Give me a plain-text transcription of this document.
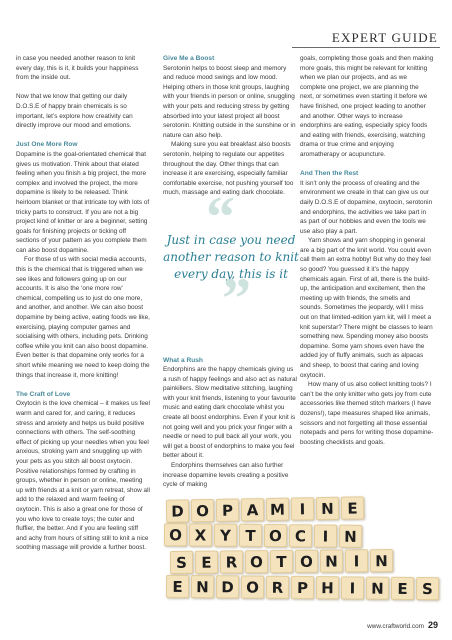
EXPERT GUIDE

in case you needed another reason to knit every day, this is it, it builds your happiness from the inside out.

Now that we know that getting our daily D.O.S.E of happy brain chemicals is so important, let’s explore how creativity can directly improve our mood and emotions.

Just One More Row

Dopamine is the goal-orientated chemical that gives us motivation. Think about that elated feeling when you finish a big project, the more complex and involved the project, the more dopamine is likely to be released. Think heirloom blanket or that intricate toy with lots of tricky parts to construct. If you are not a big project kind of knitter or are a beginner, setting goals for finishing projects or ticking off sections of your pattern as you complete them can also boost dopamine.

For those of us with social media accounts, this is the chemical that is triggered when we see likes and followers going up on our accounts. It is also the ‘one more row’ chemical, compelling us to just do one more, and another, and another. We can also boost dopamine by being active, eating foods we like, exercising, playing computer games and socialising with others, including pets. Drinking coffee while you knit can also boost dopamine. Even better is that dopamine only works for a short while meaning we need to keep doing the things that increase it, more knitting!

The Craft of Love

Oxytocin is the love chemical – it makes us feel warm and cared for, and caring, it reduces stress and anxiety and helps us build positive connections with others. The self-soothing effect of picking up your needles when you feel anxious, stroking yarn and snuggling up with your pets as you stitch all boost oxytocin. Positive relationships formed by crafting in groups, whether in person or online, meeting up with friends at a knit or yarn retreat, show all add to the relaxed and warm feeling of oxytocin. This is also a great one for those of you who love to create toys; the cuter and fluffier, the better. And if you are feeling stiff and achy from hours of sitting still to knit a nice soothing massage will provide a further boost.

Give Me a Boost

Serotonin helps to boost sleep and memory and reduce mood swings and low mood. Helping others in those knit groups, laughing with your friends in person or online, snuggling with your pets and reducing stress by getting absorbed into your latest project all boost serotonin. Knitting outside in the sunshine or in nature can also help.

Making sure you eat breakfast also boosts serotonin, helping to regulate our appetites throughout the day. Other things that can increase it are exercising, especially familiar comfortable exercise, not pushing yourself too much, massage and eating dark chocolate.

What a Rush

Endorphins are the happy chemicals giving us a rush of happy feelings and also act as natural painkillers. Slow meditative stitching, laughing with your knit friends, listening to your favourite music and eating dark chocolate whilst you create all boost endorphins. Even if your knit is not going well and you prick your finger with a needle or need to pull back all your work, you will get a boost of endorphins to make you feel better about it.

Endorphins themselves can also further increase dopamine levels creating a positive cycle of making

“
Just in case you need another reason to knit every day, this is it
”

goals, completing those goals and then making more goals, this might be relevant for knitting when we plan our projects, and as we complete one project, we are planning the next, or sometimes even starting it before we have finished, one project leading to another and another. Other ways to increase endorphins are eating, especially spicy foods and eating with friends, exercising, watching drama or true crime and enjoying aromatherapy or acupuncture.

And Then the Rest

It isn’t only the process of creating and the environment we create in that can give us our daily D.O.S.E of dopamine, oxytocin, serotonin and endorphins, the activities we take part in as part of our hobbies and even the tools we use also play a part.

Yarn shows and yarn shopping in general are a big part of the knit world. You could even call them an extra hobby! But why do they feel so good? You guessed it it’s the happy chemicals again. First of all, there is the build-up, the anticipation and excitement, then the meeting up with friends, the smells and sounds. Sometimes the jeopardy, will I miss out on that limited-edition yarn kit, will I meet a knit superstar? There might be classes to learn something new. Spending money also boosts dopamine. Some yarn shows even have the added joy of fluffy animals, such as alpacas and sheep, to boost that caring and loving oxytocin.

How many of us also collect knitting tools? I can’t be the only knitter who gets joy from cute accessories like themed stitch markers (I have dozens!), tape measures shaped like animals, scissors and not forgetting all those essential notepads and pens for writing those dopamine-boosting checklists and goals.

D O P A M I	N E
O X Y T O C	I	N
S E R O T O N	I	N
E N D O R P H	I	N E S
www.craftworld.com 29
